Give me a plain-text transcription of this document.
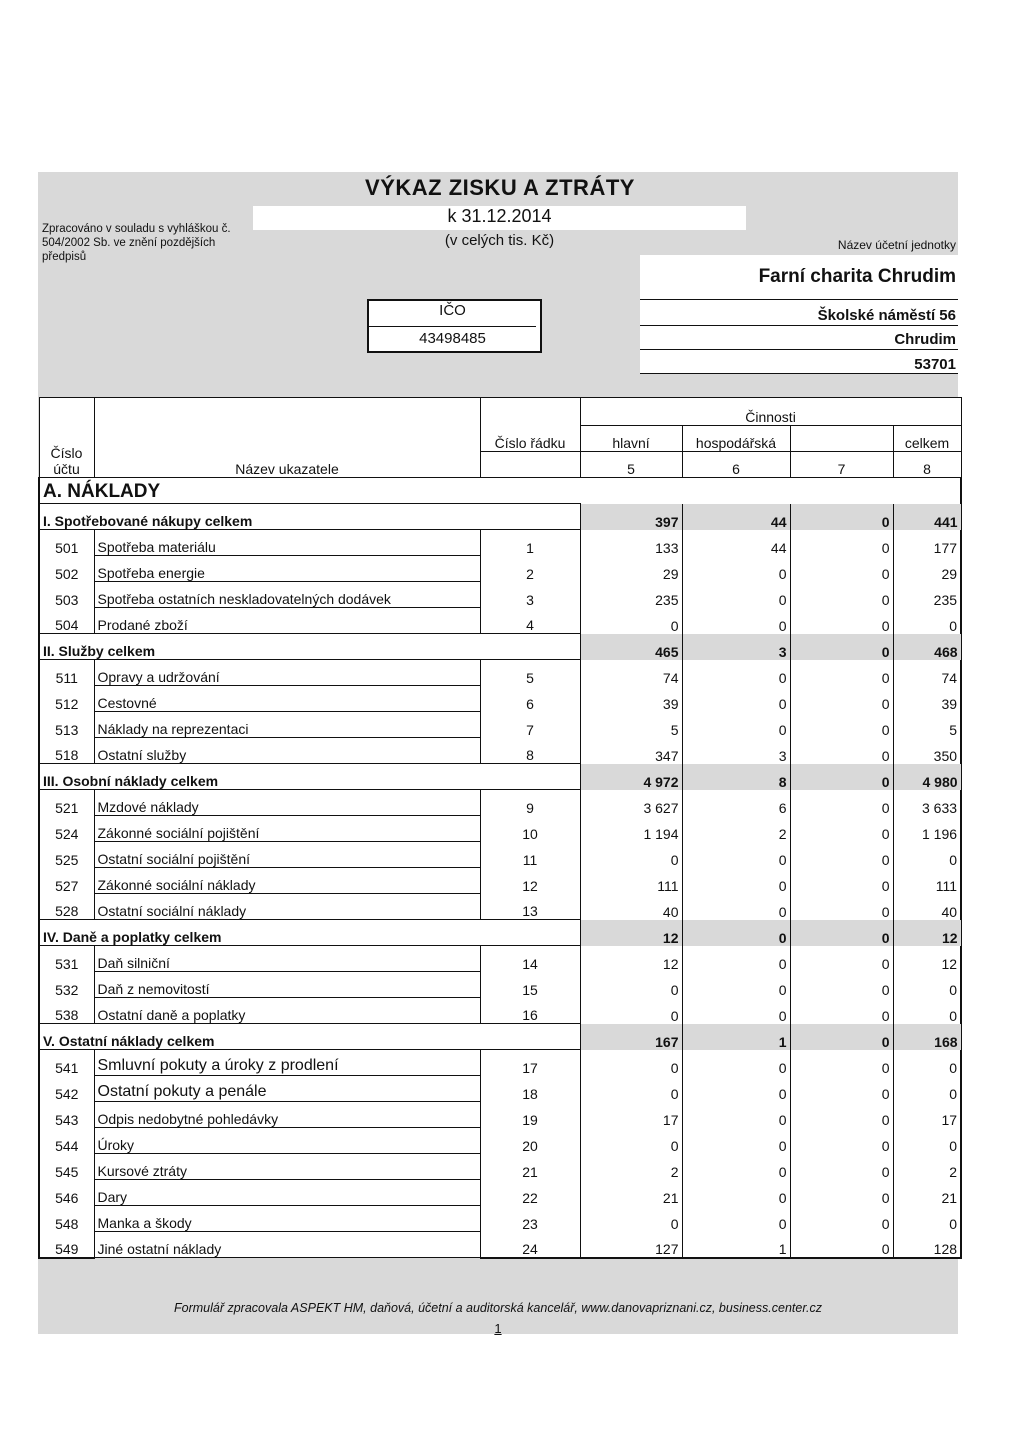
Zpracováno v souladu s vyhláškou č. 504/2002 Sb. ve znění pozdějších předpisů
VÝKAZ ZISKU A ZTRÁTY
k 31.12.2014
(v celých tis. Kč)
IČO
43498485
Název účetní jednotky
Farní charita Chrudim
Školské náměstí 56
Chrudim
53701
Číslo účtu	Název ukazatele	Číslo řádku	Činnosti			
			hlavní	hospodářská		celkem
			5	6	7	8
A. NÁKLADY						
I. Spotřebované nákupy celkem			397	44	0	441
501	Spotřeba materiálu	1	133	44	0	177
502	Spotřeba energie	2	29	0	0	29
503	Spotřeba ostatních neskladovatelných dodávek	3	235	0	0	235
504	Prodané zboží	4	0	0	0	0
II. Služby celkem			465	3	0	468
511	Opravy a udržování	5	74	0	0	74
512	Cestovné	6	39	0	0	39
513	Náklady na reprezentaci	7	5	0	0	5
518	Ostatní služby	8	347	3	0	350
III. Osobní náklady celkem			4 972	8	0	4 980
521	Mzdové náklady	9	3 627	6	0	3 633
524	Zákonné sociální pojištění	10	1 194	2	0	1 196
525	Ostatní sociální pojištění	11	0	0	0	0
527	Zákonné sociální náklady	12	111	0	0	111
528	Ostatní sociální náklady	13	40	0	0	40
IV. Daně a poplatky celkem			12	0	0	12
531	Daň silniční	14	12	0	0	12
532	Daň z nemovitostí	15	0	0	0	0
538	Ostatní daně a poplatky	16	0	0	0	0
V. Ostatní náklady celkem			167	1	0	168
541	Smluvní pokuty a úroky z prodlení	17	0	0	0	0
542	Ostatní pokuty a penále	18	0	0	0	0
543	Odpis nedobytné pohledávky	19	17	0	0	17
544	Úroky	20	0	0	0	0
545	Kursové ztráty	21	2	0	0	2
546	Dary	22	21	0	0	21
548	Manka a škody	23	0	0	0	0
549	Jiné ostatní náklady	24	127	1	0	128
Formulář zpracovala ASPEKT HM, daňová, účetní a auditorská kancelář, www.danovapriznani.cz, business.center.cz
1
